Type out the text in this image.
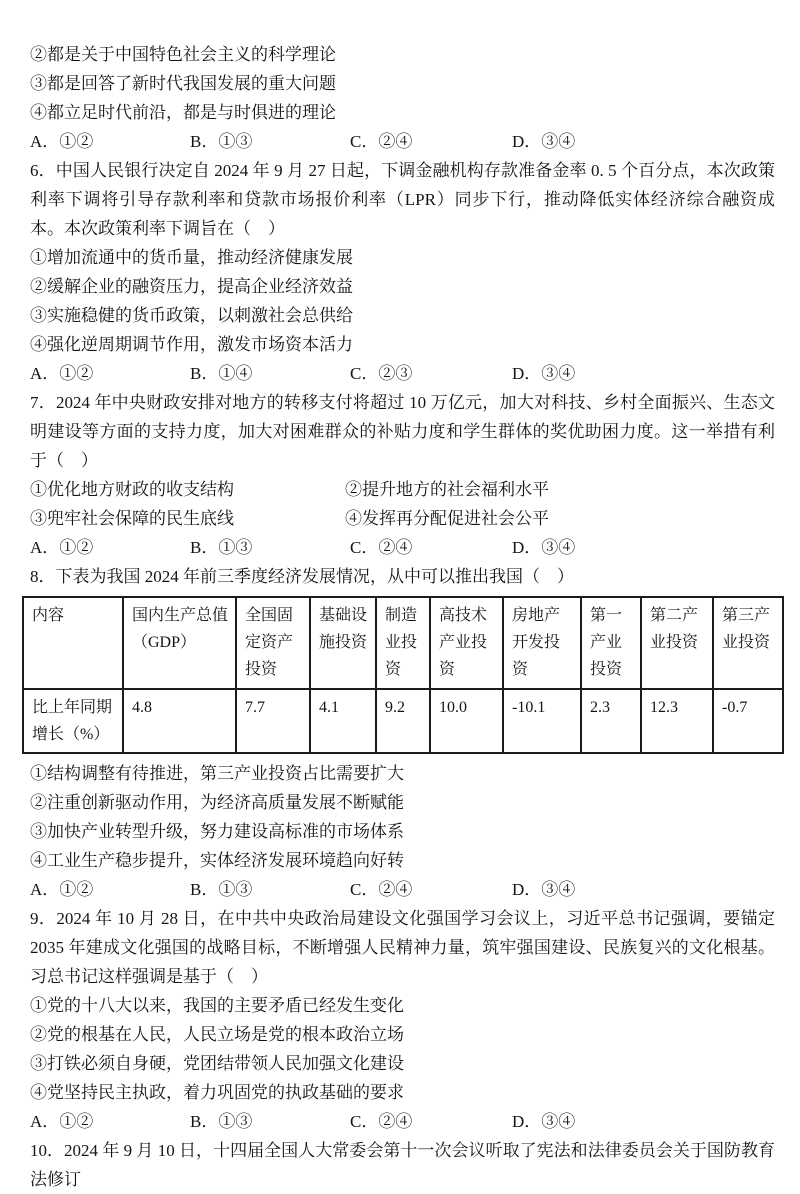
②都是关于中国特色社会主义的科学理论

③都是回答了新时代我国发展的重大问题

④都立足时代前沿，都是与时俱进的理论

A．①②	B．①③	C．②④	D．③④

6．中国人民银行决定自 2024 年 9 月 27 日起，下调金融机构存款准备金率 0. 5 个百分点，本次政策利率下调将引导存款利率和贷款市场报价利率（LPR）同步下行，推动降低实体经济综合融资成本。本次政策利率下调旨在（　）

①增加流通中的货币量，推动经济健康发展

②缓解企业的融资压力，提高企业经济效益

③实施稳健的货币政策，以刺激社会总供给

④强化逆周期调节作用，激发市场资本活力

A．①②	B．①④	C．②③	D．③④

7．2024 年中央财政安排对地方的转移支付将超过 10 万亿元，加大对科技、乡村全面振兴、生态文明建设等方面的支持力度，加大对困难群众的补贴力度和学生群体的奖优助困力度。这一举措有利于（　）

①优化地方财政的收支结构	②提升地方的社会福利水平
③兜牢社会保障的民生底线	④发挥再分配促进社会公平
A．①②	B．①③	C．②④	D．③④

8．下表为我国 2024 年前三季度经济发展情况，从中可以推出我国（　）

内容	国内生产总值（GDP）	全国固定资产投资	基础设施投资	制造业投资	高技术产业投资	房地产开发投资	第一产业投资	第二产业投资	第三产业投资
比上年同期增长（%）	4.8	7.7	4.1	9.2	10.0	-10.1	2.3	12.3	-0.7

①结构调整有待推进，第三产业投资占比需要扩大

②注重创新驱动作用，为经济高质量发展不断赋能

③加快产业转型升级，努力建设高标准的市场体系

④工业生产稳步提升，实体经济发展环境趋向好转

A．①②	B．①③	C．②④	D．③④

9．2024 年 10 月 28 日，在中共中央政治局建设文化强国学习会议上，习近平总书记强调，要锚定 2035 年建成文化强国的战略目标，不断增强人民精神力量，筑牢强国建设、民族复兴的文化根基。习总书记这样强调是基于（　）

①党的十八大以来，我国的主要矛盾已经发生变化

②党的根基在人民，人民立场是党的根本政治立场

③打铁必须自身硬，党团结带领人民加强文化建设

④党坚持民主执政，着力巩固党的执政基础的要求

A．①②	B．①③	C．②④	D．③④

10．2024 年 9 月 10 日，十四届全国人大常委会第十一次会议听取了宪法和法律委员会关于国防教育法修订
